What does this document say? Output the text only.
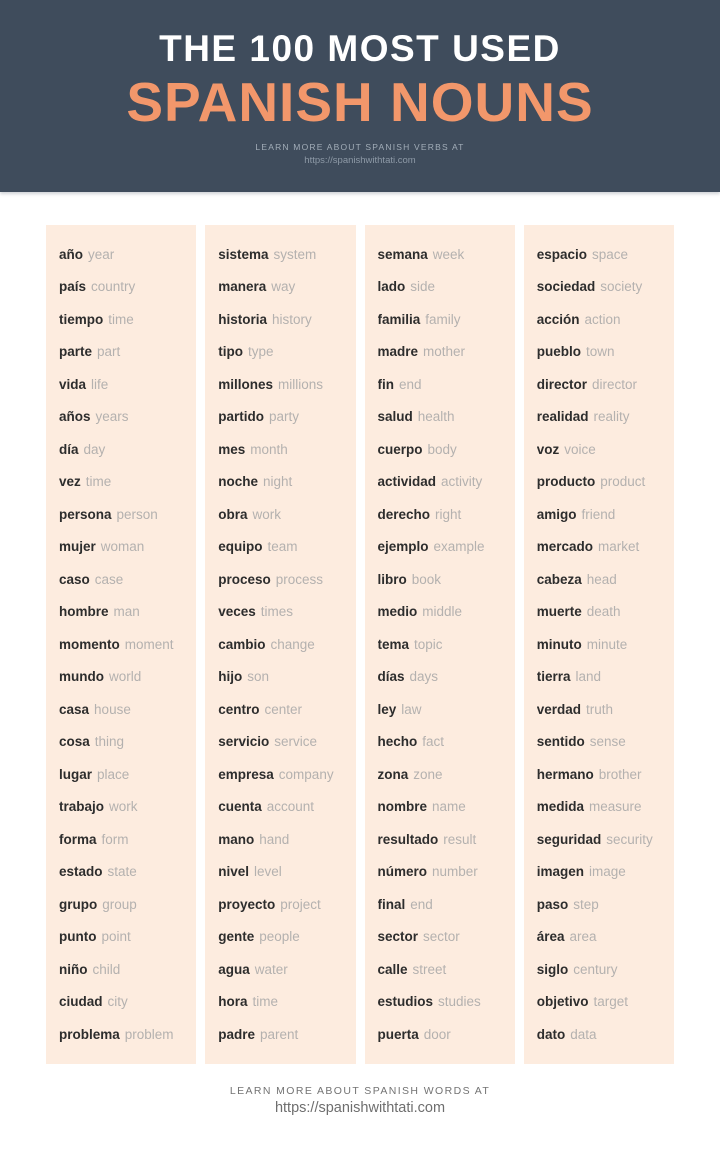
THE 100 MOST USED
SPANISH NOUNS
LEARN MORE ABOUT SPANISH VERBS AT
https://spanishwithtati.com
año year
país country
tiempo time
parte part
vida life
años years
día day
vez time
persona person
mujer woman
caso case
hombre man
momento moment
mundo world
casa house
cosa thing
lugar place
trabajo work
forma form
estado state
grupo group
punto point
niño child
ciudad city
problema problem
sistema system
manera way
historia history
tipo type
millones millions
partido party
mes month
noche night
obra work
equipo team
proceso process
veces times
cambio change
hijo son
centro center
servicio service
empresa company
cuenta account
mano hand
nivel level
proyecto project
gente people
agua water
hora time
padre parent
semana week
lado side
familia family
madre mother
fin end
salud health
cuerpo body
actividad activity
derecho right
ejemplo example
libro book
medio middle
tema topic
días days
ley law
hecho fact
zona zone
nombre name
resultado result
número number
final end
sector sector
calle street
estudios studies
puerta door
espacio space
sociedad society
acción action
pueblo town
director director
realidad reality
voz voice
producto product
amigo friend
mercado market
cabeza head
muerte death
minuto minute
tierra land
verdad truth
sentido sense
hermano brother
medida measure
seguridad security
imagen image
paso step
área area
siglo century
objetivo target
dato data
LEARN MORE ABOUT SPANISH WORDS AT
https://spanishwithtati.com
